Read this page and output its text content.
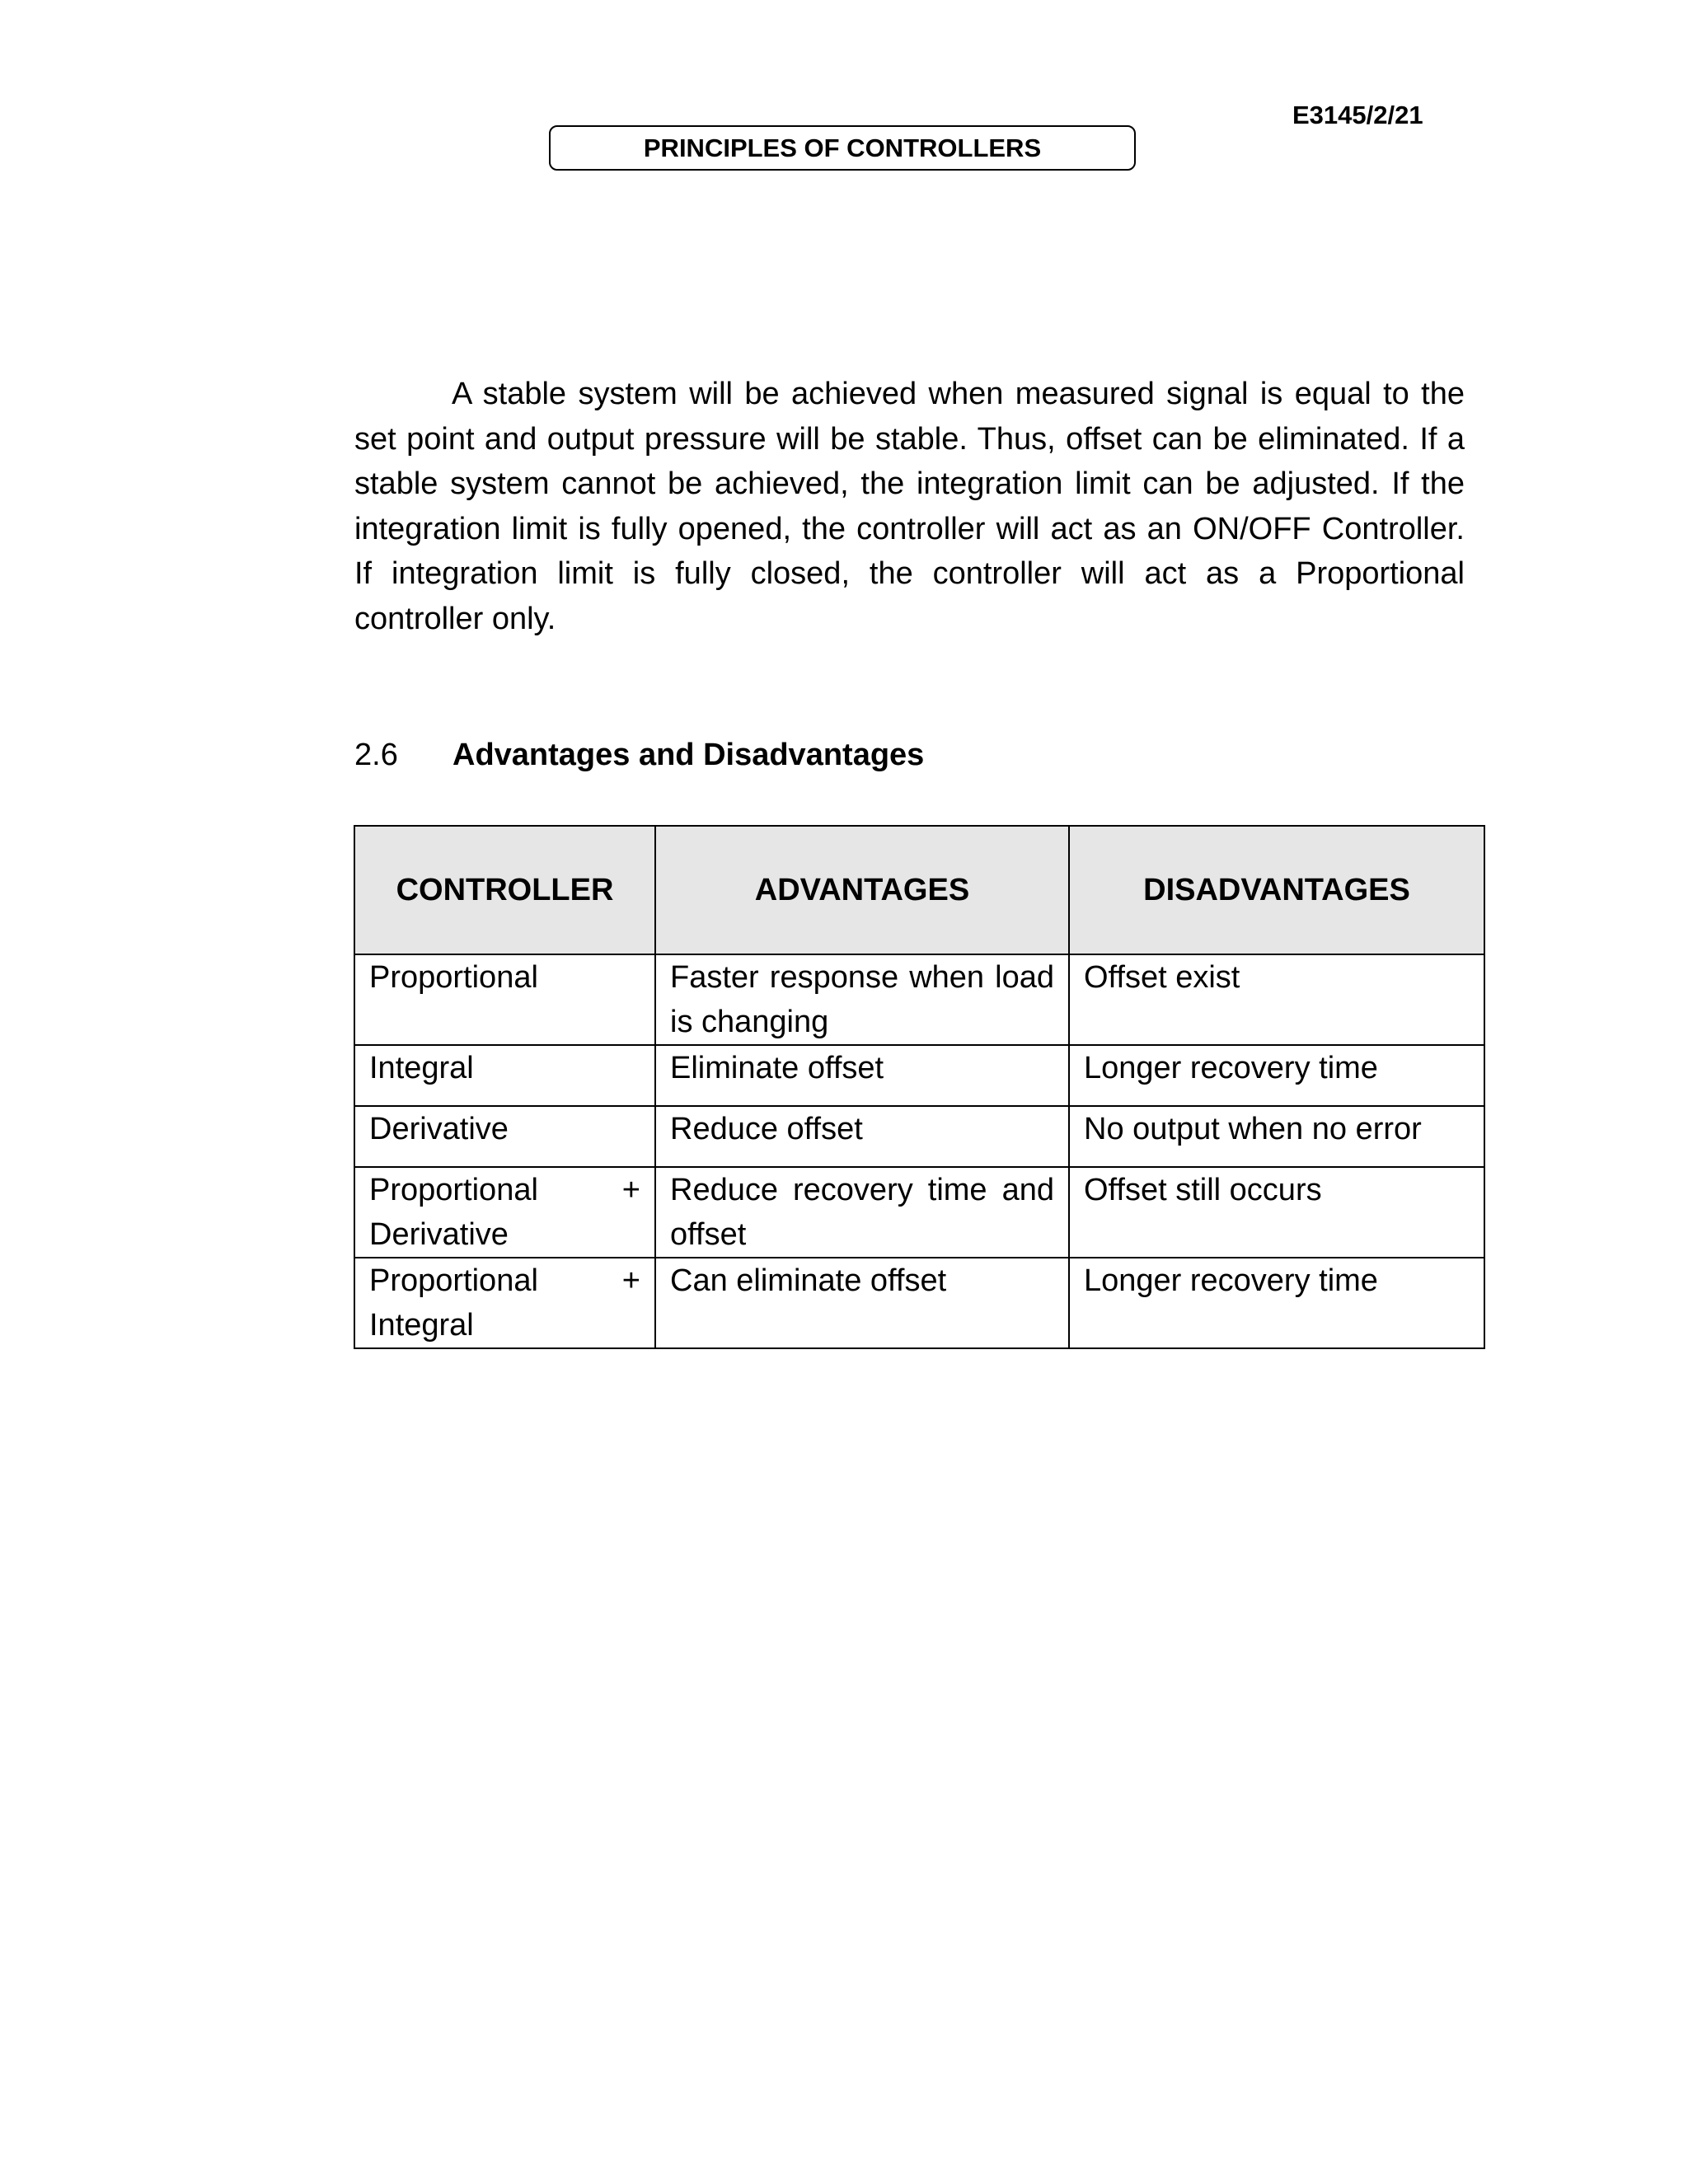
E3145/2/21
PRINCIPLES OF CONTROLLERS

A stable system will be achieved when measured signal is equal to the set point and output pressure will be stable. Thus, offset can be eliminated. If a stable system cannot be achieved, the integration limit can be adjusted. If the integration limit is fully opened, the controller will act as an ON/OFF Controller. If integration limit is fully closed, the controller will act as a Proportional controller only.

2.6 Advantages and Disadvantages
CONTROLLER	ADVANTAGES	DISADVANTAGES
Proportional	Faster response when load is changing	Offset exist
Integral	Eliminate offset	Longer recovery time
Derivative	Reduce offset	No output when no error
Proportional + Derivative	Reduce recovery time and offset	Offset still occurs
Proportional + Integral	Can eliminate offset	Longer recovery time
